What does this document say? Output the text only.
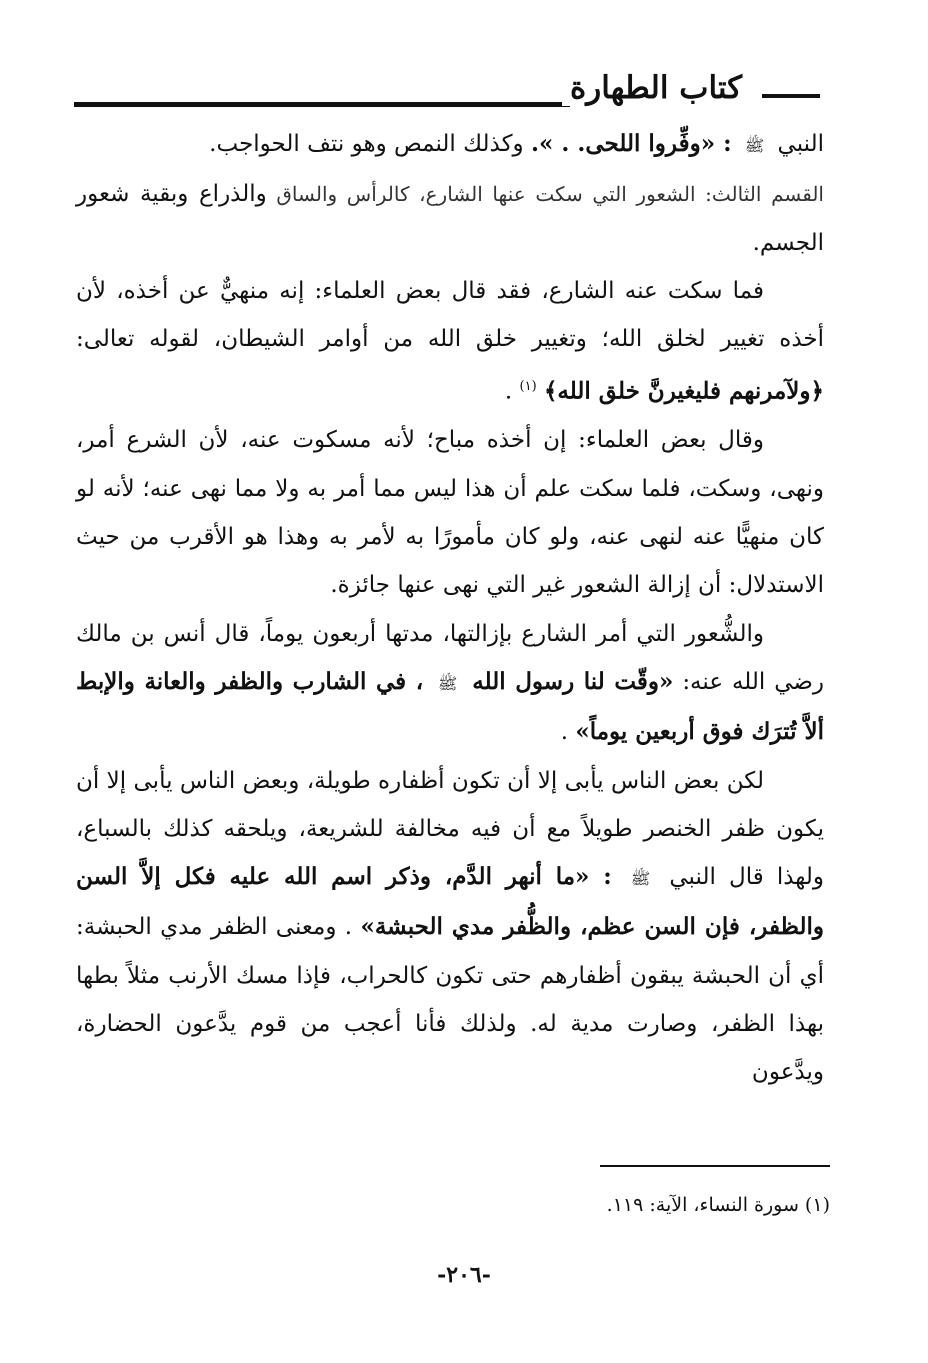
كتاب الطهارة

النبي ﷺ : «وفِّروا اللحى. . ». وكذلك النمص وهو نتف الحواجب.

القسم الثالث: الشعور التي سكت عنها الشارع، كالرأس والساق والذراع وبقية شعور الجسم.

فما سكت عنه الشارع، فقد قال بعض العلماء: إنه منهيٌّ عن أخذه، لأن أخذه تغيير لخلق الله؛ وتغيير خلق الله من أوامر الشيطان، لقوله تعالى: ﴿ولآمرنهم فليغيرنَّ خلق الله﴾ $^{(١)}$ .

وقال بعض العلماء: إن أخذه مباح؛ لأنه مسكوت عنه، لأن الشرع أمر، ونهى، وسكت، فلما سكت علم أن هذا ليس مما أمر به ولا مما نهى عنه؛ لأنه لو كان منهيًّا عنه لنهى عنه، ولو كان مأمورًا به لأمر به وهذا هو الأقرب من حيث الاستدلال: أن إزالة الشعور غير التي نهى عنها جائزة.

والشُّعور التي أمر الشارع بإزالتها، مدتها أربعون يوماً، قال أنس بن مالك رضي الله عنه: «وقّت لنا رسول الله ﷺ ، في الشارب والظفر والعانة والإبط ألاَّ تُترَك فوق أربعين يوماً» .

لكن بعض الناس يأبى إلا أن تكون أظفاره طويلة، وبعض الناس يأبى إلا أن يكون ظفر الخنصر طويلاً مع أن فيه مخالفة للشريعة، ويلحقه كذلك بالسباع، ولهذا قال النبي ﷺ : «ما أنهر الدَّم، وذكر اسم الله عليه فكل إلاَّ السن والظفر، فإن السن عظم، والظُّفر مدي الحبشة» . ومعنى الظفر مدي الحبشة: أي أن الحبشة يبقون أظفارهم حتى تكون كالحراب، فإذا مسك الأرنب مثلاً بطها بهذا الظفر، وصارت مدية له. ولذلك فأنا أعجب من قوم يدَّعون الحضارة، ويدَّعون

(١) سورة النساء، الآية: ١١٩.
-٢٠٦-
